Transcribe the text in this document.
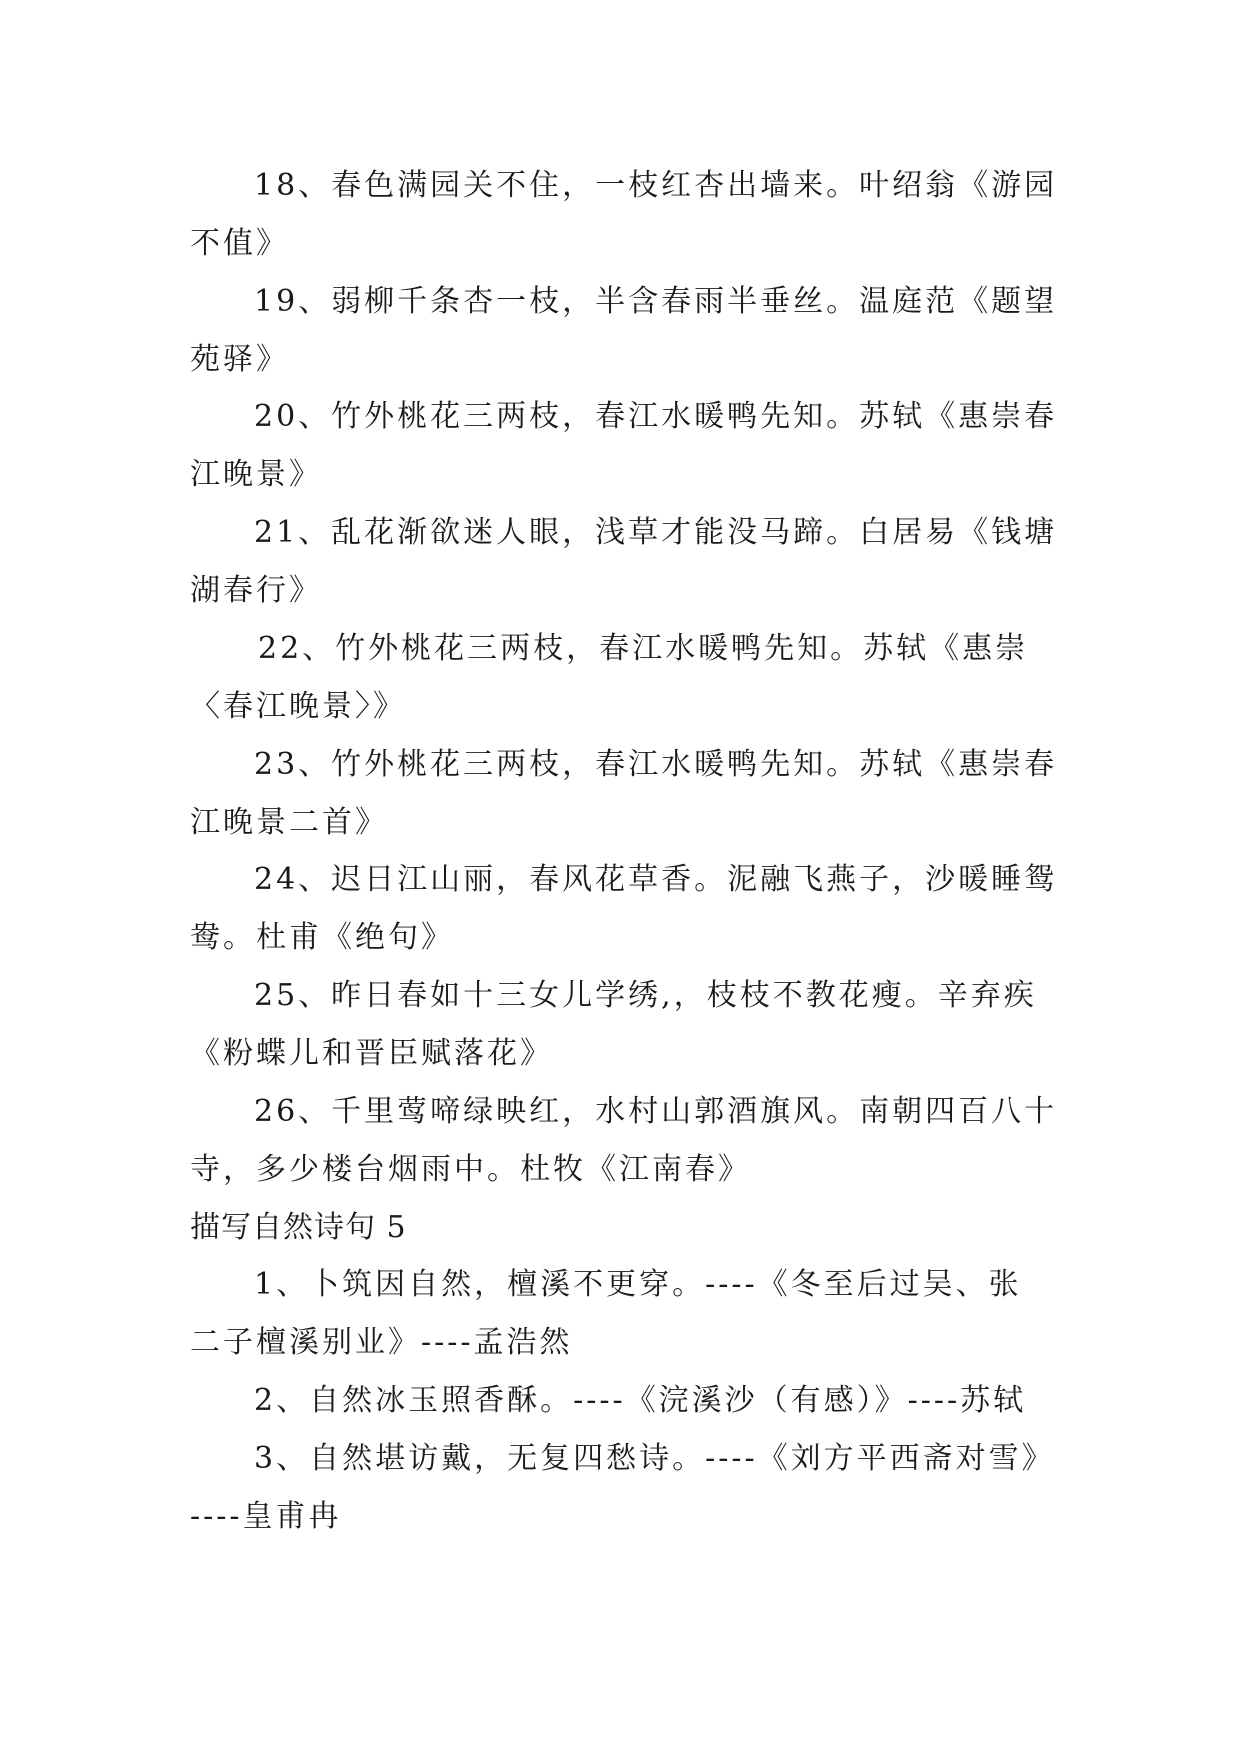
18、春色满园关不住，一枝红杏出墙来。叶绍翁《游园
不值》
19、弱柳千条杏一枝，半含春雨半垂丝。温庭范《题望
苑驿》
20、竹外桃花三两枝，春江水暖鸭先知。苏轼《惠崇春
江晚景》
21、乱花渐欲迷人眼，浅草才能没马蹄。白居易《钱塘
湖春行》
22、竹外桃花三两枝，春江水暖鸭先知。苏轼《惠崇
〈春江晚景〉》
23、竹外桃花三两枝，春江水暖鸭先知。苏轼《惠崇春
江晚景二首》
24、迟日江山丽，春风花草香。泥融飞燕子，沙暖睡鸳
鸯。杜甫《绝句》
25、昨日春如十三女儿学绣,，枝枝不教花瘦。辛弃疾
《粉蝶儿和晋臣赋落花》
26、千里莺啼绿映红，水村山郭酒旗风。南朝四百八十
寺，多少楼台烟雨中。杜牧《江南春》
描写自然诗句 5
1、卜筑因自然，檀溪不更穿。----《冬至后过吴、张
二子檀溪别业》----孟浩然
2、自然冰玉照香酥。----《浣溪沙（有感）》----苏轼
3、自然堪访戴，无复四愁诗。----《刘方平西斋对雪》
----皇甫冉
